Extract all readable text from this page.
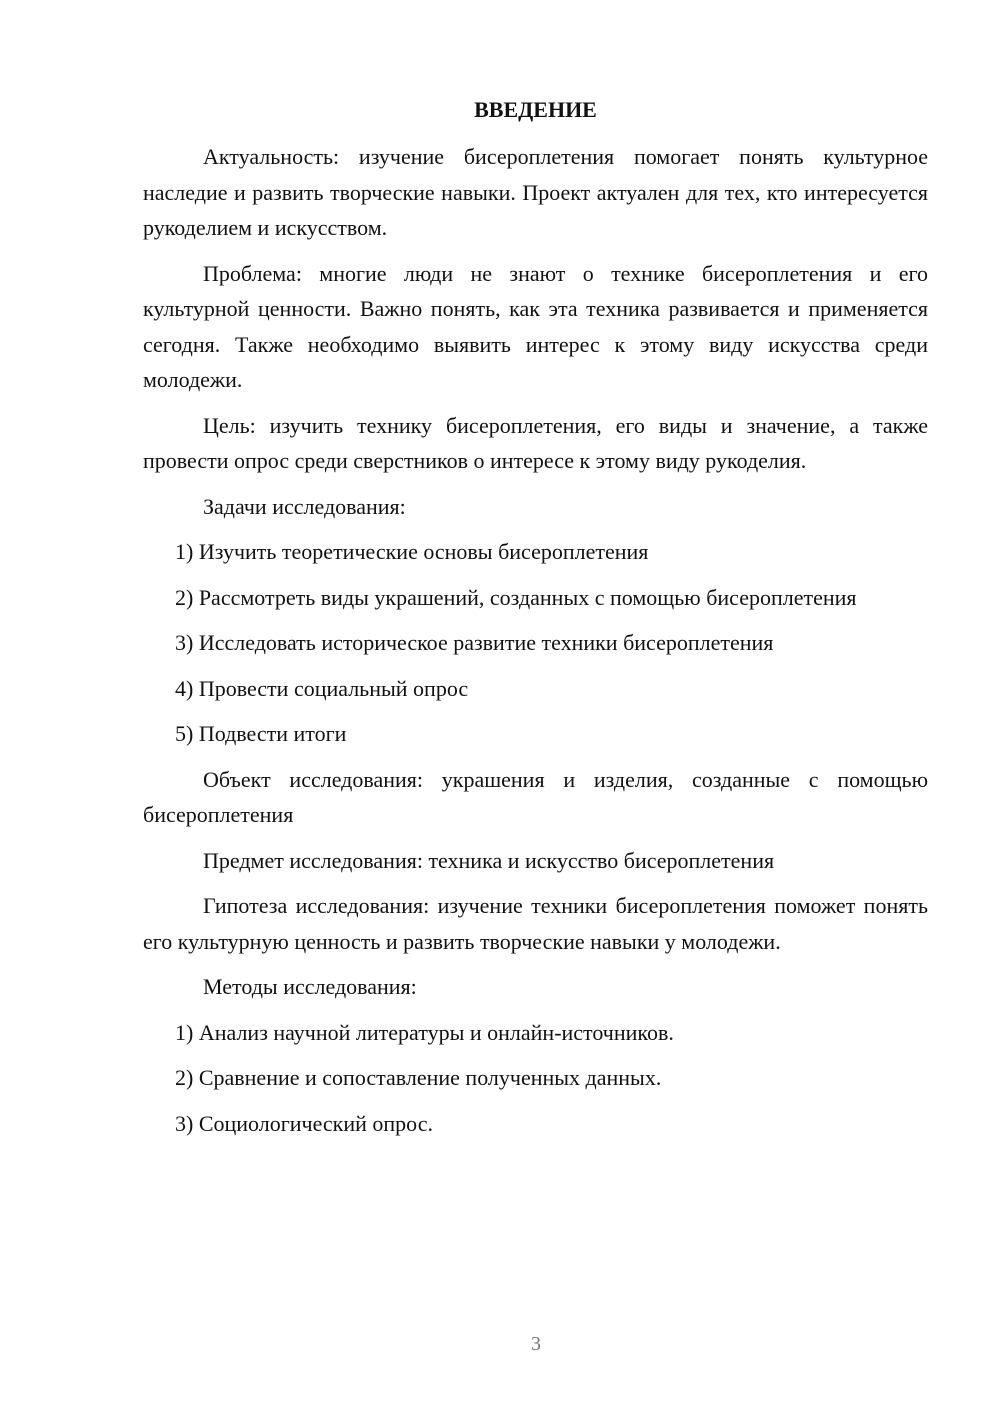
ВВЕДЕНИЕ

Актуальность: изучение бисероплетения помогает понять культурное наследие и развить творческие навыки. Проект актуален для тех, кто интересуется рукоделием и искусством.

Проблема: многие люди не знают о технике бисероплетения и его культурной ценности. Важно понять, как эта техника развивается и применяется сегодня. Также необходимо выявить интерес к этому виду искусства среди молодежи.

Цель: изучить технику бисероплетения, его виды и значение, а также провести опрос среди сверстников о интересе к этому виду рукоделия.

Задачи исследования:

1) Изучить теоретические основы бисероплетения

2) Рассмотреть виды украшений, созданных с помощью бисероплетения

3) Исследовать историческое развитие техники бисероплетения

4) Провести социальный опрос

5) Подвести итоги

Объект исследования: украшения и изделия, созданные с помощью бисероплетения

Предмет исследования: техника и искусство бисероплетения

Гипотеза исследования: изучение техники бисероплетения поможет понять его культурную ценность и развить творческие навыки у молодежи.

Методы исследования:

1) Анализ научной литературы и онлайн-источников.

2) Сравнение и сопоставление полученных данных.

3) Социологический опрос.

3
